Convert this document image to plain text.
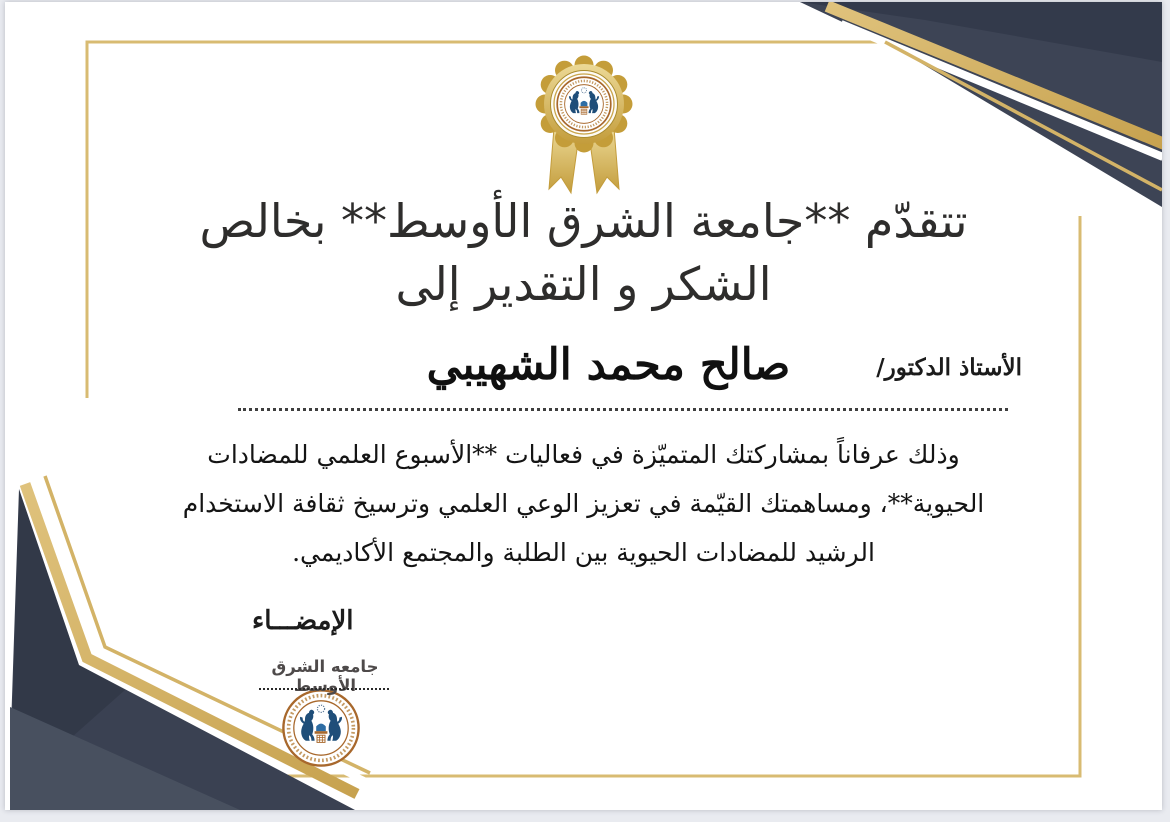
تتقدّم **جامعة الشرق الأوسط** بخالص
الشكر و التقدير إلى
الأستاذ الدكتور/
صالح محمد الشهيبي
وذلك عرفاناً بمشاركتك المتميّزة في فعاليات **الأسبوع العلمي للمضادات
الحيوية**، ومساهمتك القيّمة في تعزيز الوعي العلمي وترسيخ ثقافة الاستخدام
الرشيد للمضادات الحيوية بين الطلبة والمجتمع الأكاديمي.
الإمضـــاء
جامعه الشرق الأوسط
